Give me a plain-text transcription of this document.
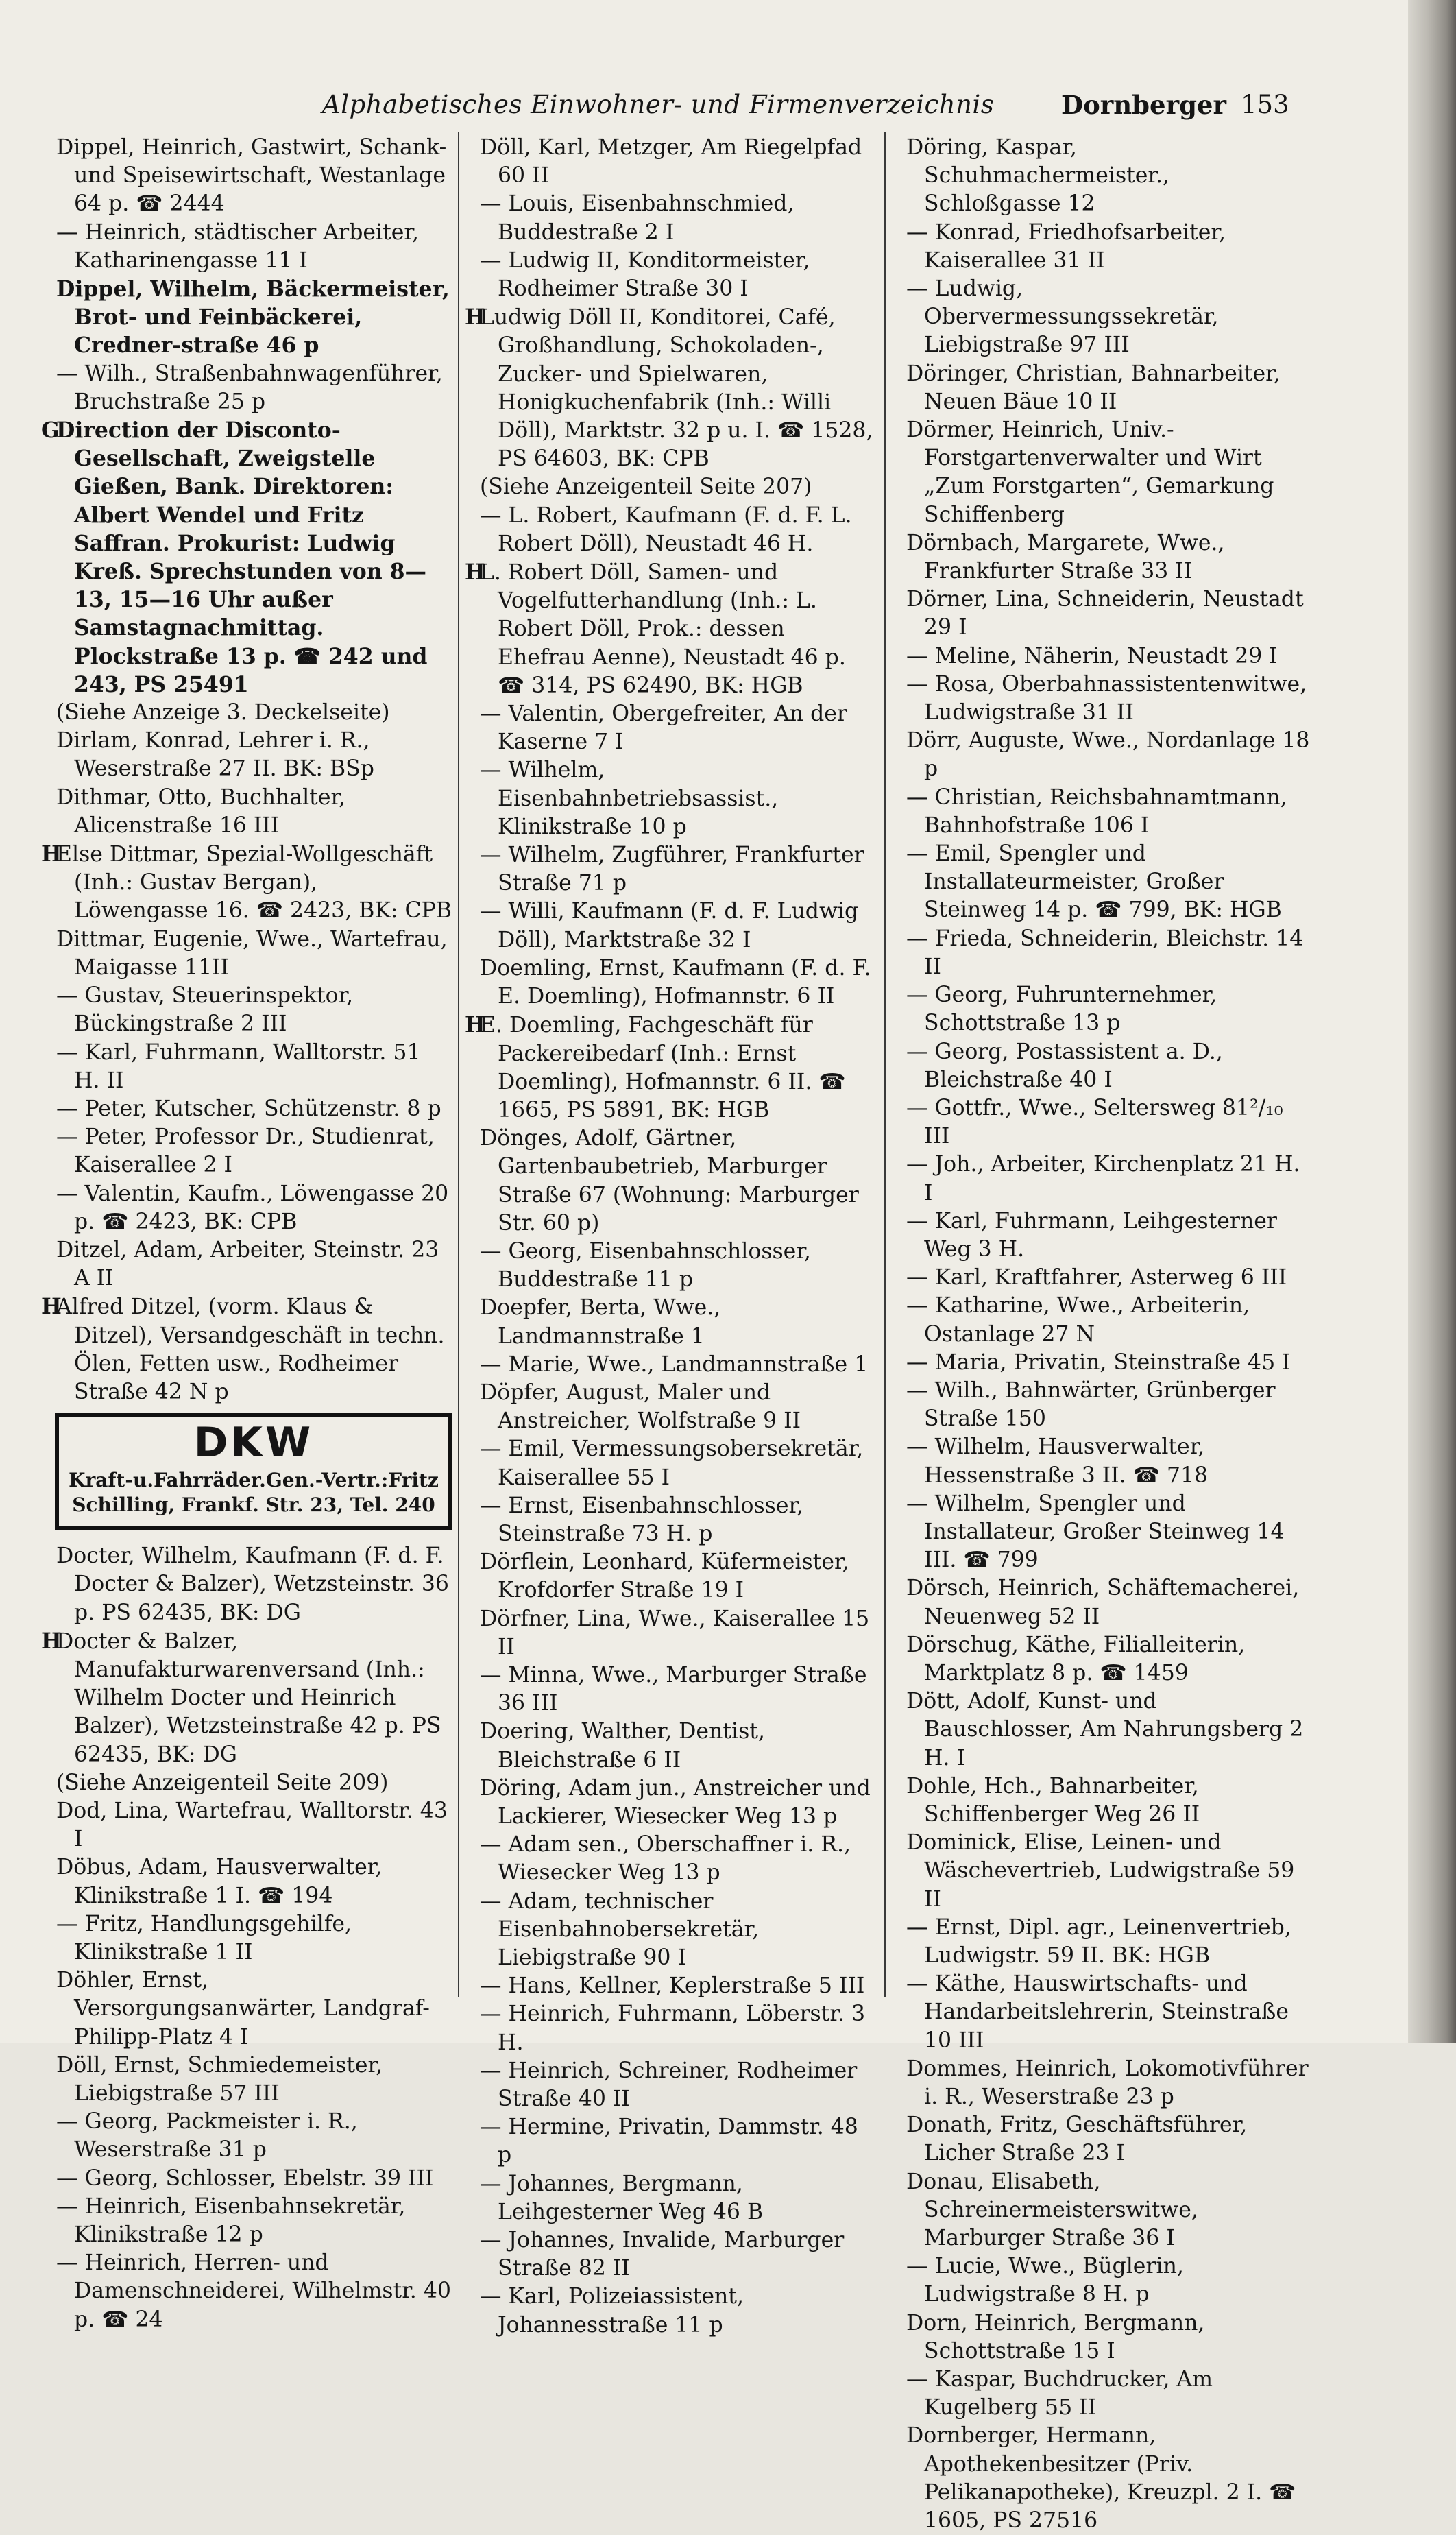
Alphabetisches Einwohner- und Firmenverzeichnis	Dornberger 153

Dippel, Heinrich, Gastwirt, Schank- und Speisewirtschaft, Westanlage 64 p. ☎ 2444

— Heinrich, städtischer Arbeiter, Katharinengasse 11 I

Dippel, Wilhelm, Bäckermeister, Brot- und Feinbäckerei, Credner-straße 46 p

— Wilh., Straßenbahnwagenführer, Bruchstraße 25 p

GDirection der Disconto-Gesellschaft, Zweigstelle Gießen, Bank. Direktoren: Albert Wendel und Fritz Saffran. Prokurist: Ludwig Kreß. Sprechstunden von 8—13, 15—16 Uhr außer Samstagnachmittag. Plockstraße 13 p. ☎ 242 und 243, PS 25491

(Siehe Anzeige 3. Deckelseite)

Dirlam, Konrad, Lehrer i. R., Weserstraße 27 II. BK: BSp

Dithmar, Otto, Buchhalter, Alicenstraße 16 III

HElse Dittmar, Spezial-Wollgeschäft (Inh.: Gustav Bergan), Löwengasse 16. ☎ 2423, BK: CPB

Dittmar, Eugenie, Wwe., Wartefrau, Maigasse 11II

— Gustav, Steuerinspektor, Bückingstraße 2 III

— Karl, Fuhrmann, Walltorstr. 51 H. II

— Peter, Kutscher, Schützenstr. 8 p

— Peter, Professor Dr., Studienrat, Kaiserallee 2 I

— Valentin, Kaufm., Löwengasse 20 p. ☎ 2423, BK: CPB

Ditzel, Adam, Arbeiter, Steinstr. 23 A II

HAlfred Ditzel, (vorm. Klaus & Ditzel), Versandgeschäft in techn. Ölen, Fetten usw., Rodheimer Straße 42 N p

DKW
Kraft-u.Fahrräder.Gen.-Vertr.:Fritz
Schilling, Frankf. Str. 23, Tel. 240

Docter, Wilhelm, Kaufmann (F. d. F. Docter & Balzer), Wetzsteinstr. 36 p. PS 62435, BK: DG

HDocter & Balzer, Manufakturwarenversand (Inh.: Wilhelm Docter und Heinrich Balzer), Wetzsteinstraße 42 p. PS 62435, BK: DG

(Siehe Anzeigenteil Seite 209)

Dod, Lina, Wartefrau, Walltorstr. 43 I

Döbus, Adam, Hausverwalter, Klinikstraße 1 I. ☎ 194

— Fritz, Handlungsgehilfe, Klinikstraße 1 II

Döhler, Ernst, Versorgungsanwärter, Landgraf-Philipp-Platz 4 I

Döll, Ernst, Schmiedemeister, Liebigstraße 57 III

— Georg, Packmeister i. R., Weserstraße 31 p

— Georg, Schlosser, Ebelstr. 39 III

— Heinrich, Eisenbahnsekretär, Klinikstraße 12 p

— Heinrich, Herren- und Damenschneiderei, Wilhelmstr. 40 p. ☎ 24

Döll, Karl, Metzger, Am Riegelpfad 60 II

— Louis, Eisenbahnschmied, Buddestraße 2 I

— Ludwig II, Konditormeister, Rodheimer Straße 30 I

HLudwig Döll II, Konditorei, Café, Großhandlung, Schokoladen-, Zucker- und Spielwaren, Honigkuchenfabrik (Inh.: Willi Döll), Marktstr. 32 p u. I. ☎ 1528, PS 64603, BK: CPB

(Siehe Anzeigenteil Seite 207)

— L. Robert, Kaufmann (F. d. F. L. Robert Döll), Neustadt 46 H.

HL. Robert Döll, Samen- und Vogelfutterhandlung (Inh.: L. Robert Döll, Prok.: dessen Ehefrau Aenne), Neustadt 46 p. ☎ 314, PS 62490, BK: HGB

— Valentin, Obergefreiter, An der Kaserne 7 I

— Wilhelm, Eisenbahnbetriebsassist., Klinikstraße 10 p

— Wilhelm, Zugführer, Frankfurter Straße 71 p

— Willi, Kaufmann (F. d. F. Ludwig Döll), Marktstraße 32 I

Doemling, Ernst, Kaufmann (F. d. F. E. Doemling), Hofmannstr. 6 II

HE. Doemling, Fachgeschäft für Packereibedarf (Inh.: Ernst Doemling), Hofmannstr. 6 II. ☎ 1665, PS 5891, BK: HGB

Dönges, Adolf, Gärtner, Gartenbaubetrieb, Marburger Straße 67 (Wohnung: Marburger Str. 60 p)

— Georg, Eisenbahnschlosser, Buddestraße 11 p

Doepfer, Berta, Wwe., Landmannstraße 1

— Marie, Wwe., Landmannstraße 1

Döpfer, August, Maler und Anstreicher, Wolfstraße 9 II

— Emil, Vermessungsobersekretär, Kaiserallee 55 I

— Ernst, Eisenbahnschlosser, Steinstraße 73 H. p

Dörflein, Leonhard, Küfermeister, Krofdorfer Straße 19 I

Dörfner, Lina, Wwe., Kaiserallee 15 II

— Minna, Wwe., Marburger Straße 36 III

Doering, Walther, Dentist, Bleichstraße 6 II

Döring, Adam jun., Anstreicher und Lackierer, Wiesecker Weg 13 p

— Adam sen., Oberschaffner i. R., Wiesecker Weg 13 p

— Adam, technischer Eisenbahnobersekretär, Liebigstraße 90 I

— Hans, Kellner, Keplerstraße 5 III

— Heinrich, Fuhrmann, Löberstr. 3 H.

— Heinrich, Schreiner, Rodheimer Straße 40 II

— Hermine, Privatin, Dammstr. 48 p

— Johannes, Bergmann, Leihgesterner Weg 46 B

— Johannes, Invalide, Marburger Straße 82 II

— Karl, Polizeiassistent, Johannesstraße 11 p

Döring, Kaspar, Schuhmachermeister., Schloßgasse 12

— Konrad, Friedhofsarbeiter, Kaiserallee 31 II

— Ludwig, Obervermessungssekretär, Liebigstraße 97 III

Döringer, Christian, Bahnarbeiter, Neuen Bäue 10 II

Dörmer, Heinrich, Univ.-Forstgartenverwalter und Wirt „Zum Forstgarten“, Gemarkung Schiffenberg

Dörnbach, Margarete, Wwe., Frankfurter Straße 33 II

Dörner, Lina, Schneiderin, Neustadt 29 I

— Meline, Näherin, Neustadt 29 I

— Rosa, Oberbahnassistentenwitwe, Ludwigstraße 31 II

Dörr, Auguste, Wwe., Nordanlage 18 p

— Christian, Reichsbahnamtmann, Bahnhofstraße 106 I

— Emil, Spengler und Installateurmeister, Großer Steinweg 14 p. ☎ 799, BK: HGB

— Frieda, Schneiderin, Bleichstr. 14 II

— Georg, Fuhrunternehmer, Schottstraße 13 p

— Georg, Postassistent a. D., Bleichstraße 40 I

— Gottfr., Wwe., Seltersweg 81²/₁₀ III

— Joh., Arbeiter, Kirchenplatz 21 H. I

— Karl, Fuhrmann, Leihgesterner Weg 3 H.

— Karl, Kraftfahrer, Asterweg 6 III

— Katharine, Wwe., Arbeiterin, Ostanlage 27 N

— Maria, Privatin, Steinstraße 45 I

— Wilh., Bahnwärter, Grünberger Straße 150

— Wilhelm, Hausverwalter, Hessenstraße 3 II. ☎ 718

— Wilhelm, Spengler und Installateur, Großer Steinweg 14 III. ☎ 799

Dörsch, Heinrich, Schäftemacherei, Neuenweg 52 II

Dörschug, Käthe, Filialleiterin, Marktplatz 8 p. ☎ 1459

Dött, Adolf, Kunst- und Bauschlosser, Am Nahrungsberg 2 H. I

Dohle, Hch., Bahnarbeiter, Schiffenberger Weg 26 II

Dominick, Elise, Leinen- und Wäschevertrieb, Ludwigstraße 59 II

— Ernst, Dipl. agr., Leinenvertrieb, Ludwigstr. 59 II. BK: HGB

— Käthe, Hauswirtschafts- und Handarbeitslehrerin, Steinstraße 10 III

Dommes, Heinrich, Lokomotivführer i. R., Weserstraße 23 p

Donath, Fritz, Geschäftsführer, Licher Straße 23 I

Donau, Elisabeth, Schreinermeisterswitwe, Marburger Straße 36 I

— Lucie, Wwe., Büglerin, Ludwigstraße 8 H. p

Dorn, Heinrich, Bergmann, Schottstraße 15 I

— Kaspar, Buchdrucker, Am Kugelberg 55 II

Dornberger, Hermann, Apothekenbesitzer (Priv. Pelikanapotheke), Kreuzpl. 2 I. ☎ 1605, PS 27516
